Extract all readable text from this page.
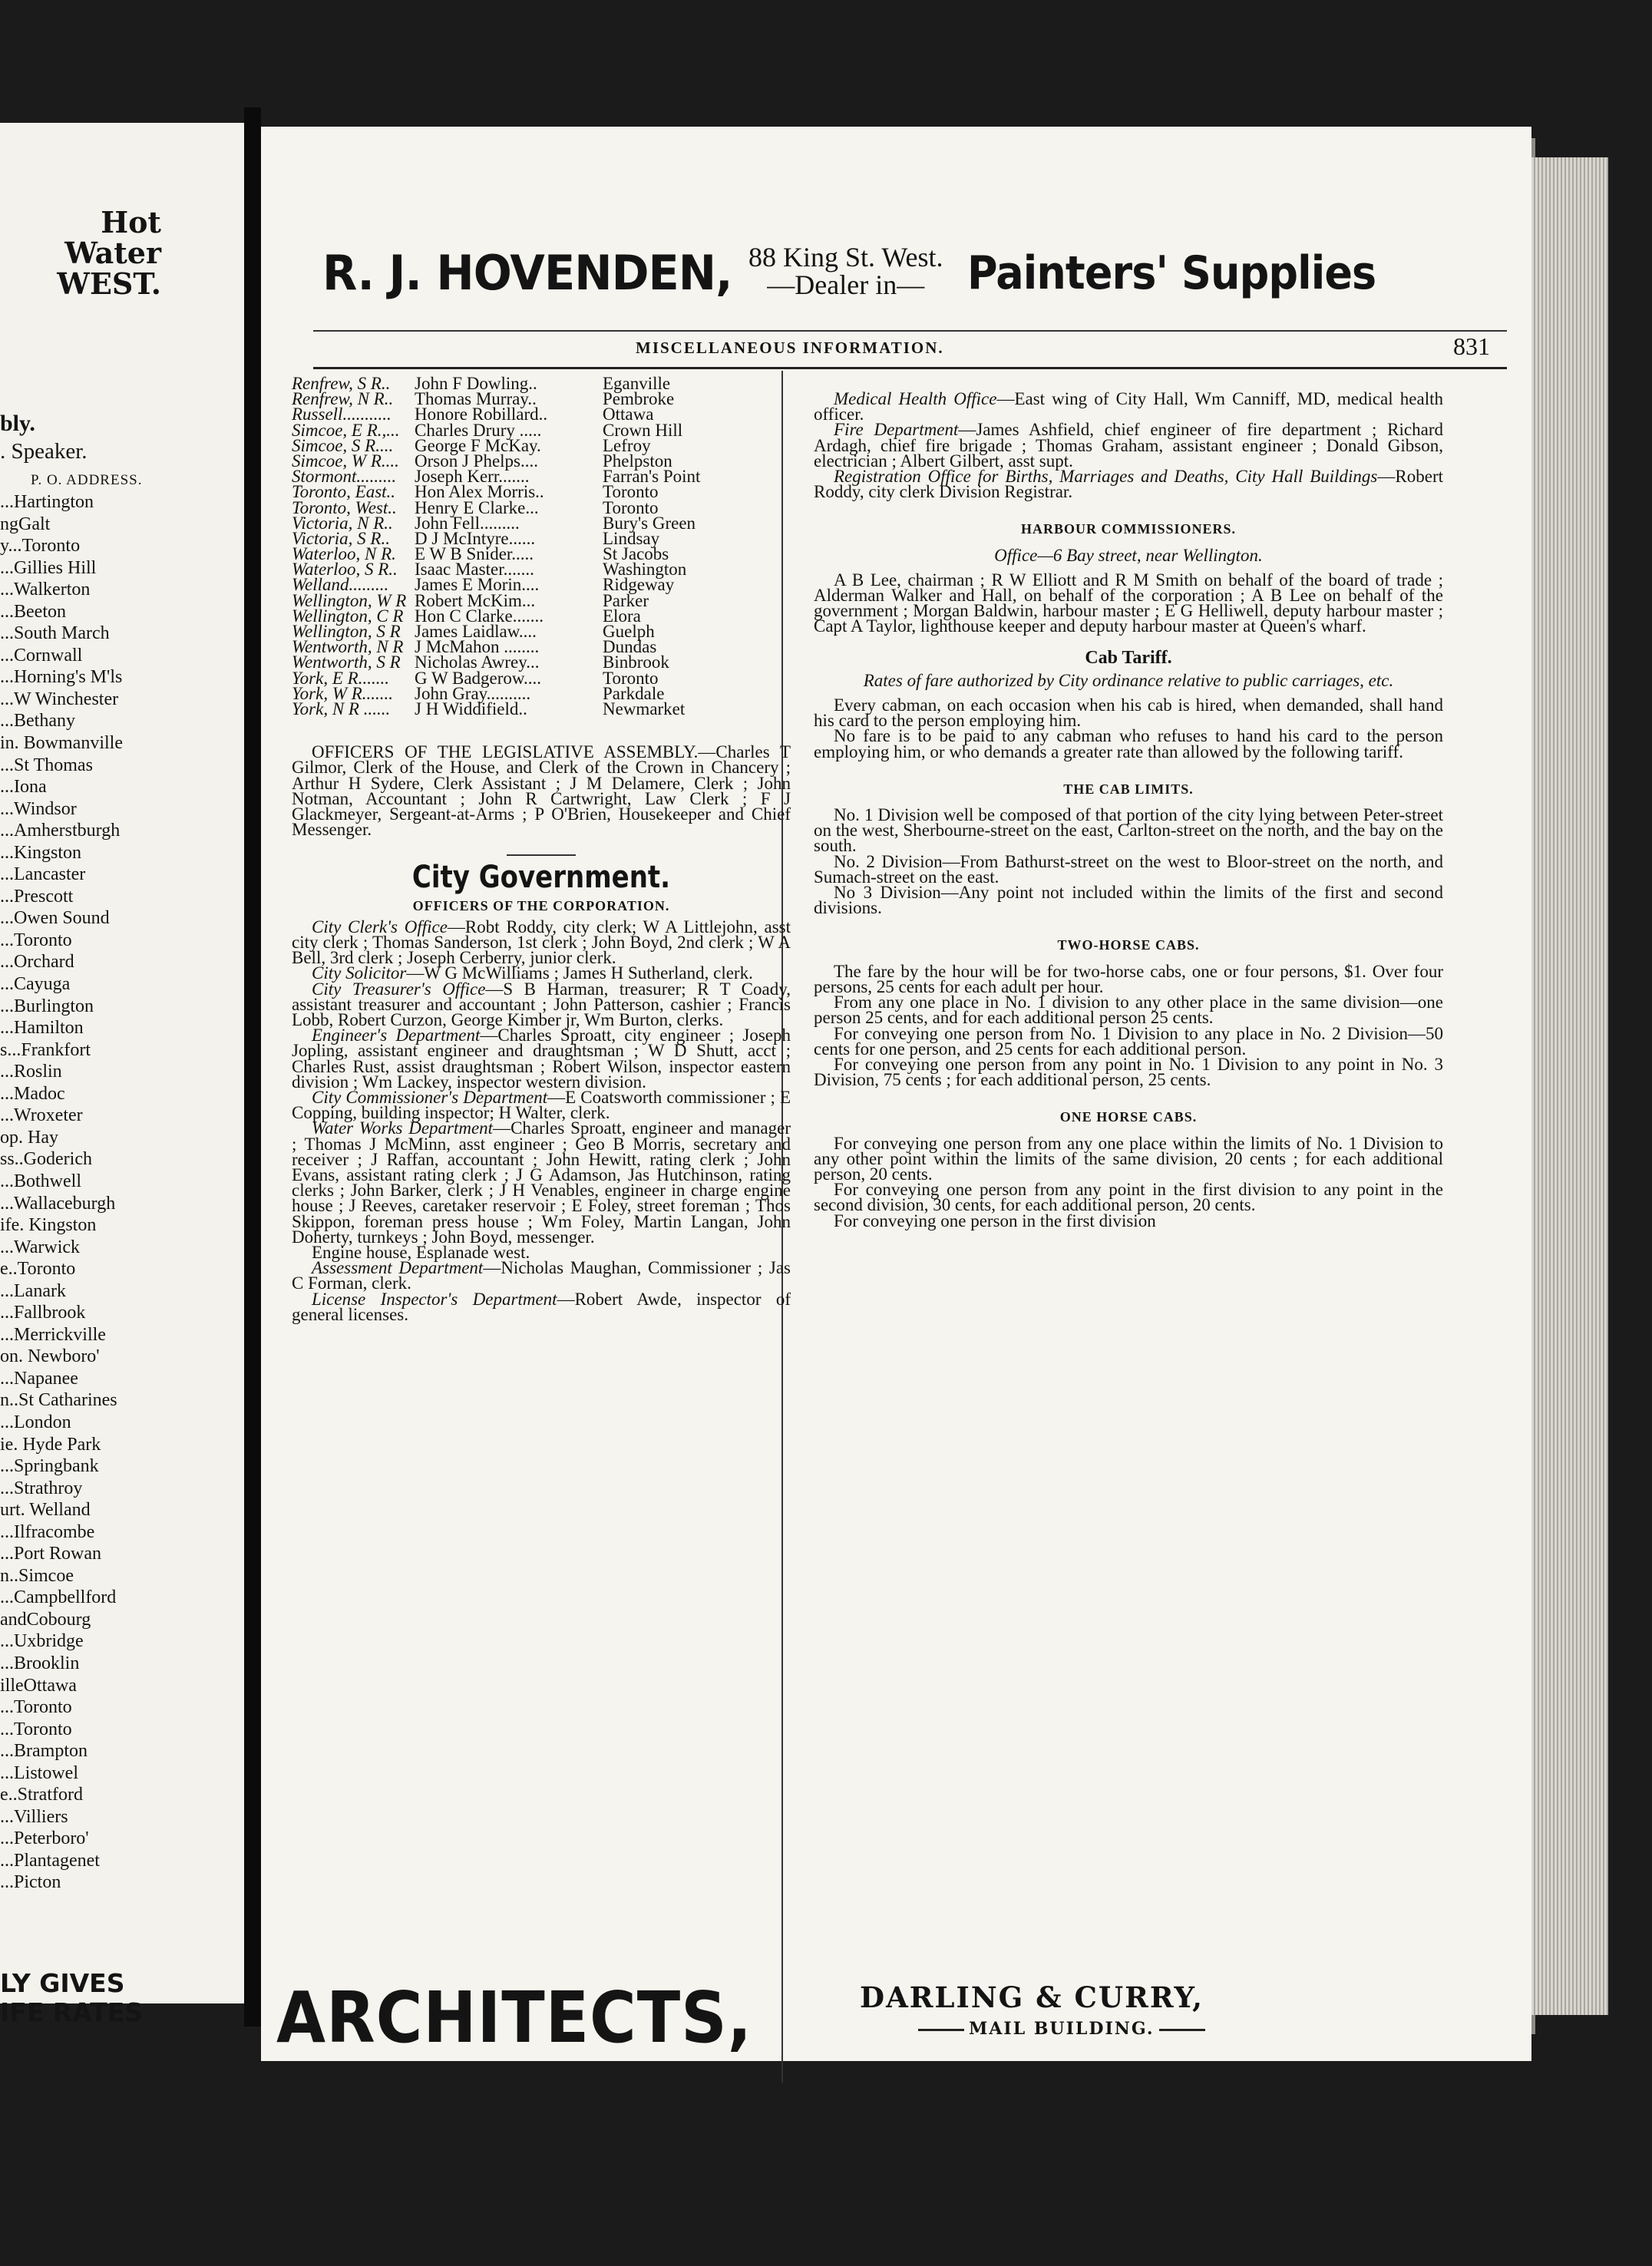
Hot Water
WEST.
bly.
. Speaker.
P. O. ADDRESS.
...Hartington
ngGalt
y...Toronto
...Gillies Hill
...Walkerton
...Beeton
...South March
...Cornwall
...Horning's M'ls
...W Winchester
...Bethany
in. Bowmanville
...St Thomas
...Iona
...Windsor
...Amherstburgh
...Kingston
...Lancaster
...Prescott
...Owen Sound
...Toronto
...Orchard
...Cayuga
...Burlington
...Hamilton
s...Frankfort
...Roslin
...Madoc
...Wroxeter
op. Hay
ss..Goderich
...Bothwell
...Wallaceburgh
ife. Kingston
...Warwick
e..Toronto
...Lanark
...Fallbrook
...Merrickville
on. Newboro'
...Napanee
n..St Catharines
...London
ie. Hyde Park
...Springbank
...Strathroy
urt. Welland
...Ilfracombe
...Port Rowan
n..Simcoe
...Campbellford
andCobourg
...Uxbridge
...Brooklin
illeOttawa
...Toronto
...Toronto
...Brampton
...Listowel
e..Stratford
...Villiers
...Peterboro'
...Plantagenet
...Picton
LY GIVES
IFE RATES
R. J. HOVENDEN, 88 King St. West.
—Dealer in— Painters' Supplies
MISCELLANEOUS INFORMATION.	831
Renfrew, S R..	John F Dowling..	Eganville
Renfrew, N R..	Thomas Murray..	Pembroke
Russell...........	Honore Robillard..	Ottawa
Simcoe, E R.,... Charles Drury .....	Crown Hill
Simcoe, S R....	George F McKay.	Lefroy
Simcoe, W R.... Orson J Phelps....	Phelpston
Stormont.........	Joseph Kerr.......	Farran's Point
Toronto, East..	Hon Alex Morris..	Toronto
Toronto, West..	Henry E Clarke...	Toronto
Victoria, N R..	John Fell.........	Bury's Green
Victoria, S R..	D J McIntyre......	Lindsay
Waterloo, N R.	E W B Snider.....	St Jacobs
Waterloo, S R.. Isaac Master.......	Washington
Welland.........	James E Morin....	Ridgeway
Wellington, W R Robert McKim...	Parker
Wellington, C R Hon C Clarke.......	Elora
Wellington, S R James Laidlaw....	Guelph
Wentworth, N R J McMahon ........	Dundas
Wentworth, S R Nicholas Awrey...	Binbrook
York, E R.......	G W Badgerow....	Toronto
York, W R.......	John Gray..........	Parkdale
York, N R ......	J H Widdifield..	Newmarket

OFFICERS OF THE LEGISLATIVE ASSEMBLY.—Charles T Gilmor, Clerk of the House, and Clerk of the Crown in Chancery ; Arthur H Sydere, Clerk Assistant ; J M Delamere, Clerk ; John Notman, Accountant ; John R Cartwright, Law Clerk ; F J Glackmeyer, Sergeant-at-Arms ; P O'Brien, Housekeeper and Chief Messenger.

City Government.
OFFICERS OF THE CORPORATION.

City Clerk's Office—Robt Roddy, city clerk; W A Littlejohn, asst city clerk ; Thomas Sanderson, 1st clerk ; John Boyd, 2nd clerk ; W A Bell, 3rd clerk ; Joseph Cerberry, junior clerk.

City Solicitor—W G McWilliams ; James H Sutherland, clerk.

City Treasurer's Office—S B Harman, treasurer; R T Coady, assistant treasurer and accountant ; John Patterson, cashier ; Francis Lobb, Robert Curzon, George Kimber jr, Wm Burton, clerks.

Engineer's Department—Charles Sproatt, city engineer ; Joseph Jopling, assistant engineer and draughtsman ; W D Shutt, acct ; Charles Rust, assist draughtsman ; Robert Wilson, inspector eastern division ; Wm Lackey, inspector western division.

City Commissioner's Department—E Coatsworth commissioner ; E Copping, building inspector; H Walter, clerk.

Water Works Department—Charles Sproatt, engineer and manager ; Thomas J McMinn, asst engineer ; Geo B Morris, secretary and receiver ; J Raffan, accountant ; John Hewitt, rating clerk ; John Evans, assistant rating clerk ; J G Adamson, Jas Hutchinson, rating clerks ; John Barker, clerk ; J H Venables, engineer in charge engine house ; J Reeves, caretaker reservoir ; E Foley, street foreman ; Thos Skippon, foreman press house ; Wm Foley, Martin Langan, John Doherty, turnkeys ; John Boyd, messenger.

Engine house, Esplanade west.

Assessment Department—Nicholas Maughan, Commissioner ; Jas C Forman, clerk.

License Inspector's Department—Robert Awde, inspector of general licenses.

Medical Health Office—East wing of City Hall, Wm Canniff, MD, medical health officer.

Fire Department—James Ashfield, chief engineer of fire department ; Richard Ardagh, chief fire brigade ; Thomas Graham, assistant engineer ; Donald Gibson, electrician ; Albert Gilbert, asst supt.

Registration Office for Births, Marriages and Deaths, City Hall Buildings—Robert Roddy, city clerk Division Registrar.

HARBOUR COMMISSIONERS.
Office—6 Bay street, near Wellington.

A B Lee, chairman ; R W Elliott and R M Smith on behalf of the board of trade ; Alderman Walker and Hall, on behalf of the corporation ; A B Lee on behalf of the government ; Morgan Baldwin, harbour master ; E G Helliwell, deputy harbour master ; Capt A Taylor, lighthouse keeper and deputy harbour master at Queen's wharf.

Cab Tariff.
Rates of fare authorized by City ordinance relative to public carriages, etc.

Every cabman, on each occasion when his cab is hired, when demanded, shall hand his card to the person employing him.

No fare is to be paid to any cabman who refuses to hand his card to the person employing him, or who demands a greater rate than allowed by the following tariff.

THE CAB LIMITS.

No. 1 Division well be composed of that portion of the city lying between Peter-street on the west, Sherbourne-street on the east, Carlton-street on the north, and the bay on the south.

No. 2 Division—From Bathurst-street on the west to Bloor-street on the north, and Sumach-street on the east.

No 3 Division—Any point not included within the limits of the first and second divisions.

TWO-HORSE CABS.

The fare by the hour will be for two-horse cabs, one or four persons, $1. Over four persons, 25 cents for each adult per hour.

From any one place in No. 1 division to any other place in the same division—one person 25 cents, and for each additional person 25 cents.

For conveying one person from No. 1 Division to any place in No. 2 Division—50 cents for one person, and 25 cents for each additional person.

For conveying one person from any point in No. 1 Division to any point in No. 3 Division, 75 cents ; for each additional person, 25 cents.

ONE HORSE CABS.

For conveying one person from any one place within the limits of No. 1 Division to any other point within the limits of the same division, 20 cents ; for each additional person, 20 cents.

For conveying one person from any point in the first division to any point in the second division, 30 cents, for each additional person, 20 cents.

For conveying one person in the first division

ARCHITECTS,	DARLING & CURRY,
MAIL BUILDING.
